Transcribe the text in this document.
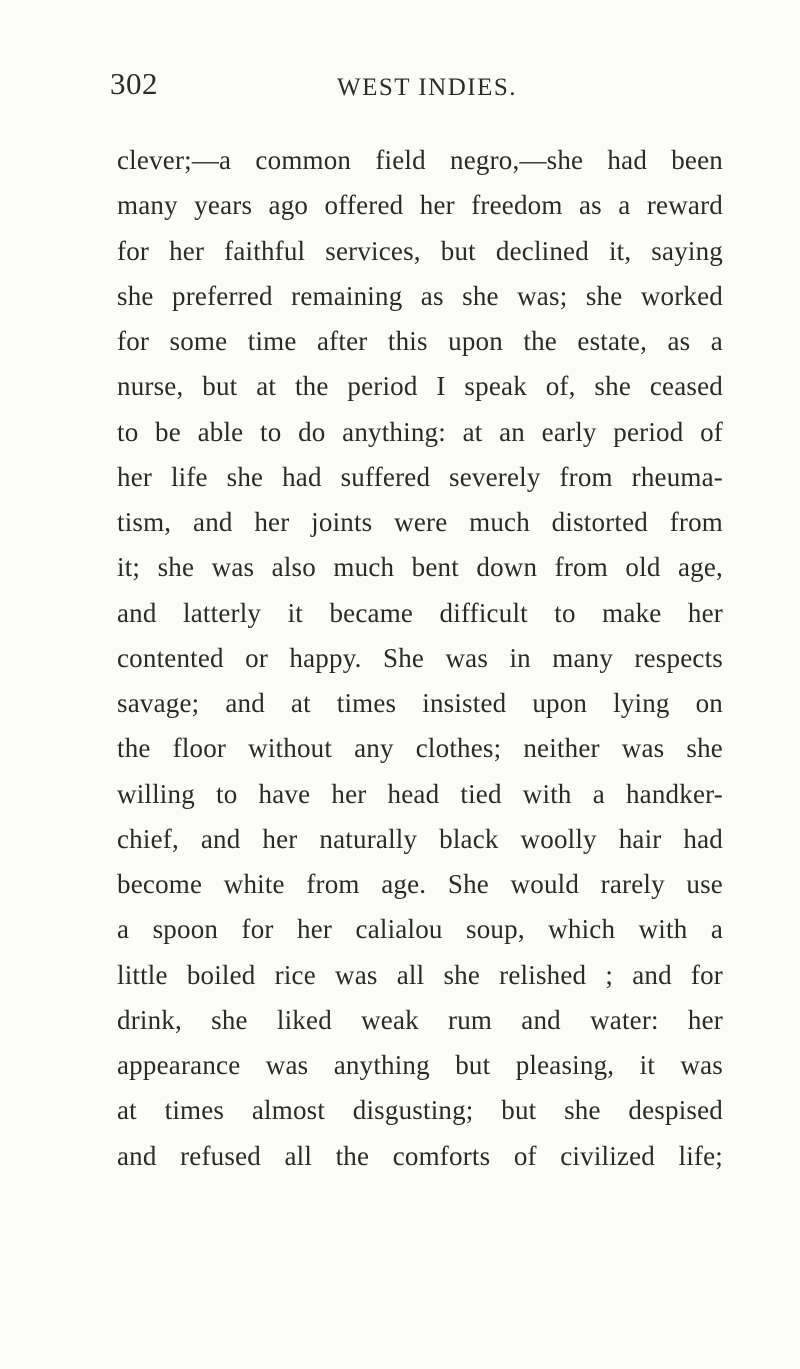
302	WEST INDIES.
clever;—a common field negro,—she had been
many years ago offered her freedom as a reward
for her faithful services, but declined it, saying
she preferred remaining as she was; she worked
for some time after this upon the estate, as a
nurse, but at the period I speak of, she ceased
to be able to do anything: at an early period of
her life she had suffered severely from rheuma-
tism, and her joints were much distorted from
it; she was also much bent down from old age,
and latterly it became difficult to make her
contented or happy. She was in many respects
savage; and at times insisted upon lying on
the floor without any clothes; neither was she
willing to have her head tied with a handker-
chief, and her naturally black woolly hair had
become white from age. She would rarely use
a spoon for her calialou soup, which with a
little boiled rice was all she relished ; and for
drink, she liked weak rum and water: her
appearance was anything but pleasing, it was
at times almost disgusting; but she despised
and refused all the comforts of civilized life;
